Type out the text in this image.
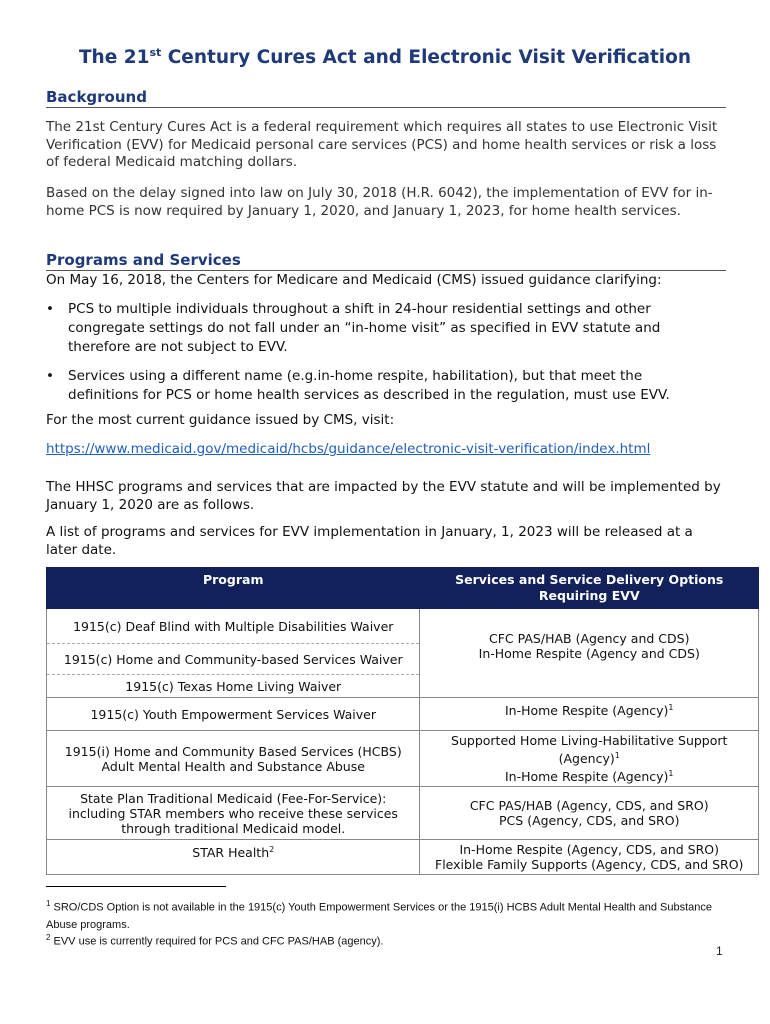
The 21st Century Cures Act and Electronic Visit Verification
Background
The 21st Century Cures Act is a federal requirement which requires all states to use Electronic Visit Verification (EVV) for Medicaid personal care services (PCS) and home health services or risk a loss of federal Medicaid matching dollars.
Based on the delay signed into law on July 30, 2018 (H.R. 6042), the implementation of EVV for in-home PCS is now required by January 1, 2020, and January 1, 2023, for home health services.
Programs and Services
On May 16, 2018, the Centers for Medicare and Medicaid (CMS) issued guidance clarifying:
• PCS to multiple individuals throughout a shift in 24-hour residential settings and other congregate settings do not fall under an “in-home visit” as specified in EVV statute and therefore are not subject to EVV.
• Services using a different name (e.g.in-home respite, habilitation), but that meet the definitions for PCS or home health services as described in the regulation, must use EVV.
For the most current guidance issued by CMS, visit:
https://www.medicaid.gov/medicaid/hcbs/guidance/electronic-visit-verification/index.html
The HHSC programs and services that are impacted by the EVV statute and will be implemented by January 1, 2020 are as follows.
A list of programs and services for EVV implementation in January, 1, 2023 will be released at a later date.
Program	Services and Service Delivery Options Requiring EVV
1915(c) Deaf Blind with Multiple Disabilities Waiver	CFC PAS/HAB (Agency and CDS)
In-Home Respite (Agency and CDS)

1915(c) Home and Community-based Services Waiver	
1915(c) Texas Home Living Waiver	
1915(c) Youth Empowerment Services Waiver	In-Home Respite (Agency)$^1$
1915(i) Home and Community Based Services (HCBS) Adult Mental Health and Substance Abuse	Supported Home Living-Habilitative Support (Agency)$^1$
In-Home Respite (Agency)$^1$

State Plan Traditional Medicaid (Fee-For-Service): including STAR members who receive these services through traditional Medicaid model.	CFC PAS/HAB (Agency, CDS, and SRO)
PCS (Agency, CDS, and SRO)

STAR Health$^2$	In-Home Respite (Agency, CDS, and SRO)
Flexible Family Supports (Agency, CDS, and SRO)
$^1$ SRO/CDS Option is not available in the 1915(c) Youth Empowerment Services or the 1915(i) HCBS Adult Mental Health and Substance Abuse programs.
$^2$ EVV use is currently required for PCS and CFC PAS/HAB (agency).
1
